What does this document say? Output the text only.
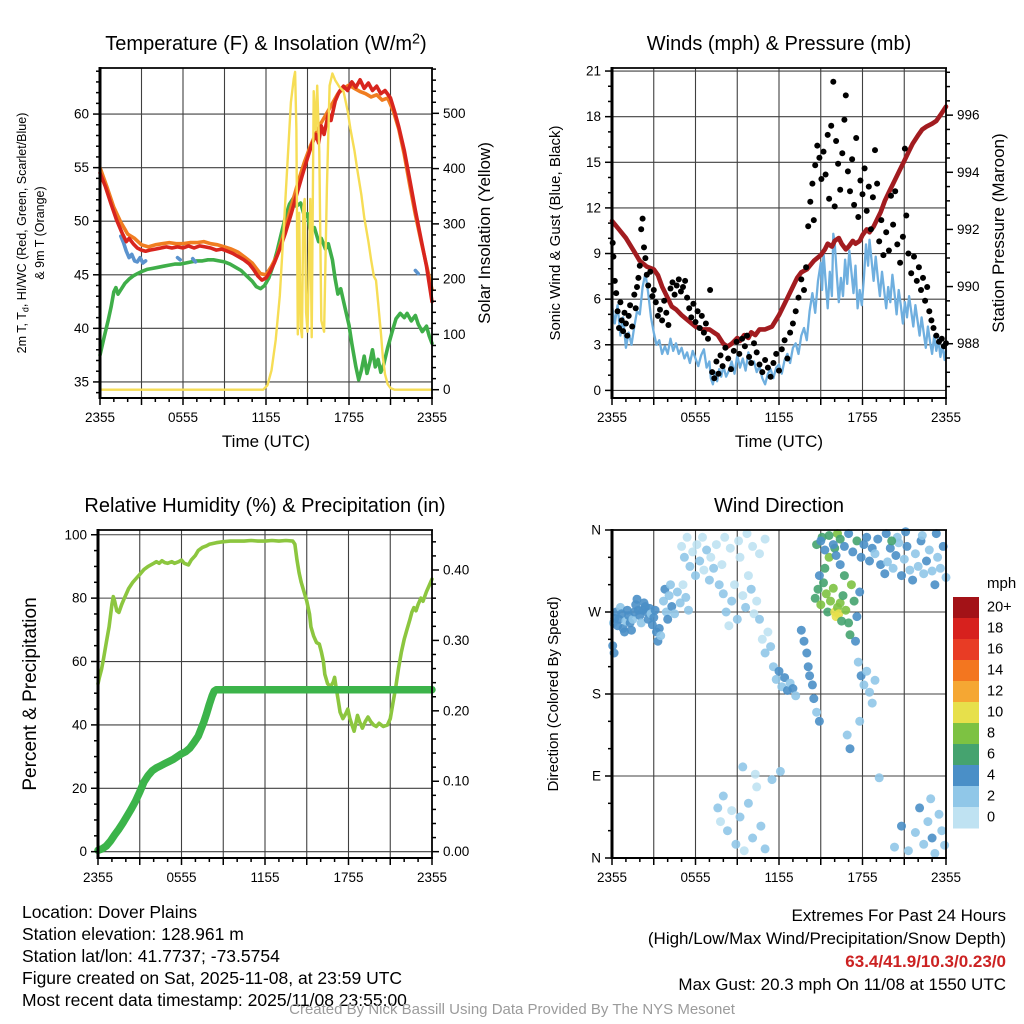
35
40
45
50
55
60
0
100
200
300
400
500
2355	0555	1155	1755	2355
Time (UTC)
2m T, Td, HI/WC (Red, Green, Scarlet/Blue) & 9m T (Orange)	Solar Insolation (Yellow)
Temperature (F) & Insolation $(W/m^2)$
0
3
6
9
12
15
18
21
988
990
992
994
996
2355	0555	1155	1755	2355
Time (UTC)
Sonic Wind & Gust (Blue, Black)	Station Pressure (Maroon)
Winds (mph) & Pressure (mb)
0
20
40
60
80
100
0.00
0.10
0.20
0.30
0.40
2355	0555	1155	1755	2355
Percent & Precipitation
Relative Humidity (%) & Precipitation (in)
N
E
S
W
N
2355	0555	1155	1755	2355
Direction (Colored By Speed)
Wind Direction
mph
20+
18
16
14
12
10
8
6
4
2
0
Location: Dover Plains
Station elevation: 128.961 m
Station lat/lon: 41.7737; -73.5754
Figure created on Sat, 2025-11-08, at 23:59 UTC
Most recent data timestamp: 2025/11/08 23:55:00
Extremes For Past 24 Hours
(High/Low/Max Wind/Precipitation/Snow Depth)
63.4/41.9/10.3/0.23/0
Max Gust: 20.3 mph On 11/08 at 1550 UTC
Created By Nick Bassill Using Data Provided By The NYS Mesonet
